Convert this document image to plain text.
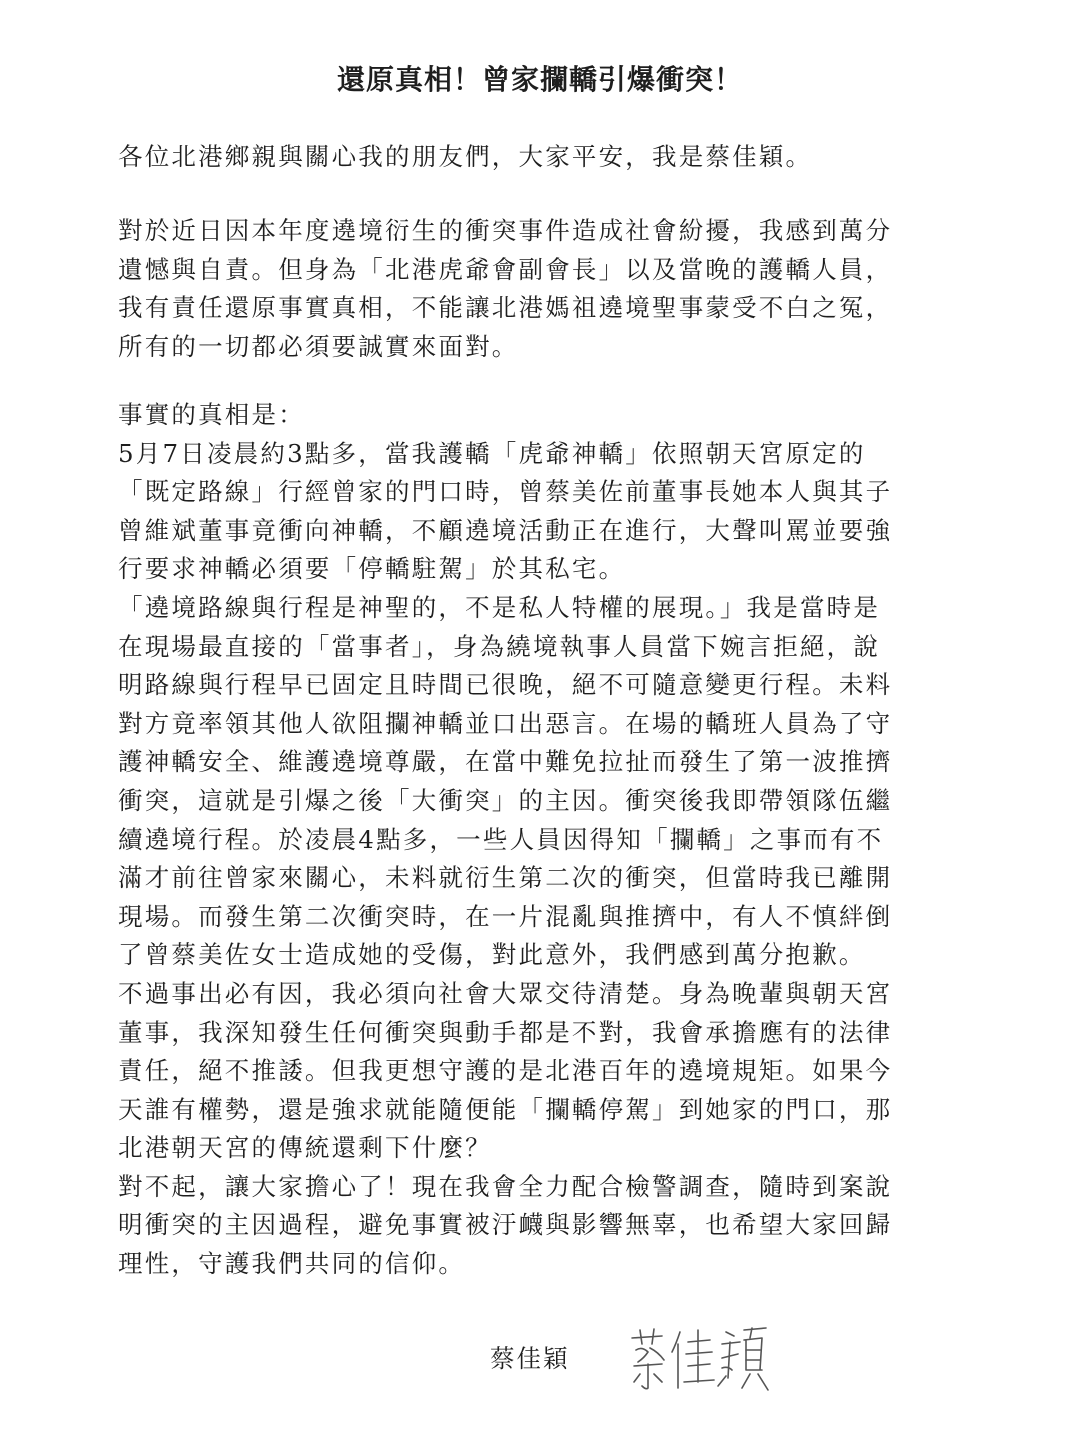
還原真相！曾家攔轎引爆衝突！

各位北港鄉親與關心我的朋友們，大家平安，我是蔡佳穎。

對於近日因本年度遶境衍生的衝突事件造成社會紛擾，我感到萬分
遺憾與自責。但身為「北港虎爺會副會長」以及當晚的護轎人員，
我有責任還原事實真相，不能讓北港媽祖遶境聖事蒙受不白之冤，
所有的一切都必須要誠實來面對。
事實的真相是：
5月7日凌晨約3點多，當我護轎「虎爺神轎」依照朝天宮原定的
「既定路線」行經曾家的門口時，曾蔡美佐前董事長她本人與其子
曾維斌董事竟衝向神轎，不顧遶境活動正在進行，大聲叫罵並要強
行要求神轎必須要「停轎駐駕」於其私宅。
「遶境路線與行程是神聖的，不是私人特權的展現。」我是當時是
在現場最直接的「當事者」，身為繞境執事人員當下婉言拒絕，說
明路線與行程早已固定且時間已很晚，絕不可隨意變更行程。未料
對方竟率領其他人欲阻攔神轎並口出惡言。在場的轎班人員為了守
護神轎安全、維護遶境尊嚴，在當中難免拉扯而發生了第一波推擠
衝突，這就是引爆之後「大衝突」的主因。衝突後我即帶領隊伍繼
續遶境行程。於凌晨4點多，一些人員因得知「攔轎」之事而有不
滿才前往曾家來關心，未料就衍生第二次的衝突，但當時我已離開
現場。而發生第二次衝突時，在一片混亂與推擠中，有人不慎絆倒
了曾蔡美佐女士造成她的受傷，對此意外，我們感到萬分抱歉。
不過事出必有因，我必須向社會大眾交待清楚。身為晚輩與朝天宮
董事，我深知發生任何衝突與動手都是不對，我會承擔應有的法律
責任，絕不推諉。但我更想守護的是北港百年的遶境規矩。如果今
天誰有權勢，還是強求就能隨便能「攔轎停駕」到她家的門口，那
北港朝天宮的傳統還剩下什麼？
對不起，讓大家擔心了！現在我會全力配合檢警調查，隨時到案說
明衝突的主因過程，避免事實被汙衊與影響無辜，也希望大家回歸
理性，守護我們共同的信仰。
蔡佳穎
